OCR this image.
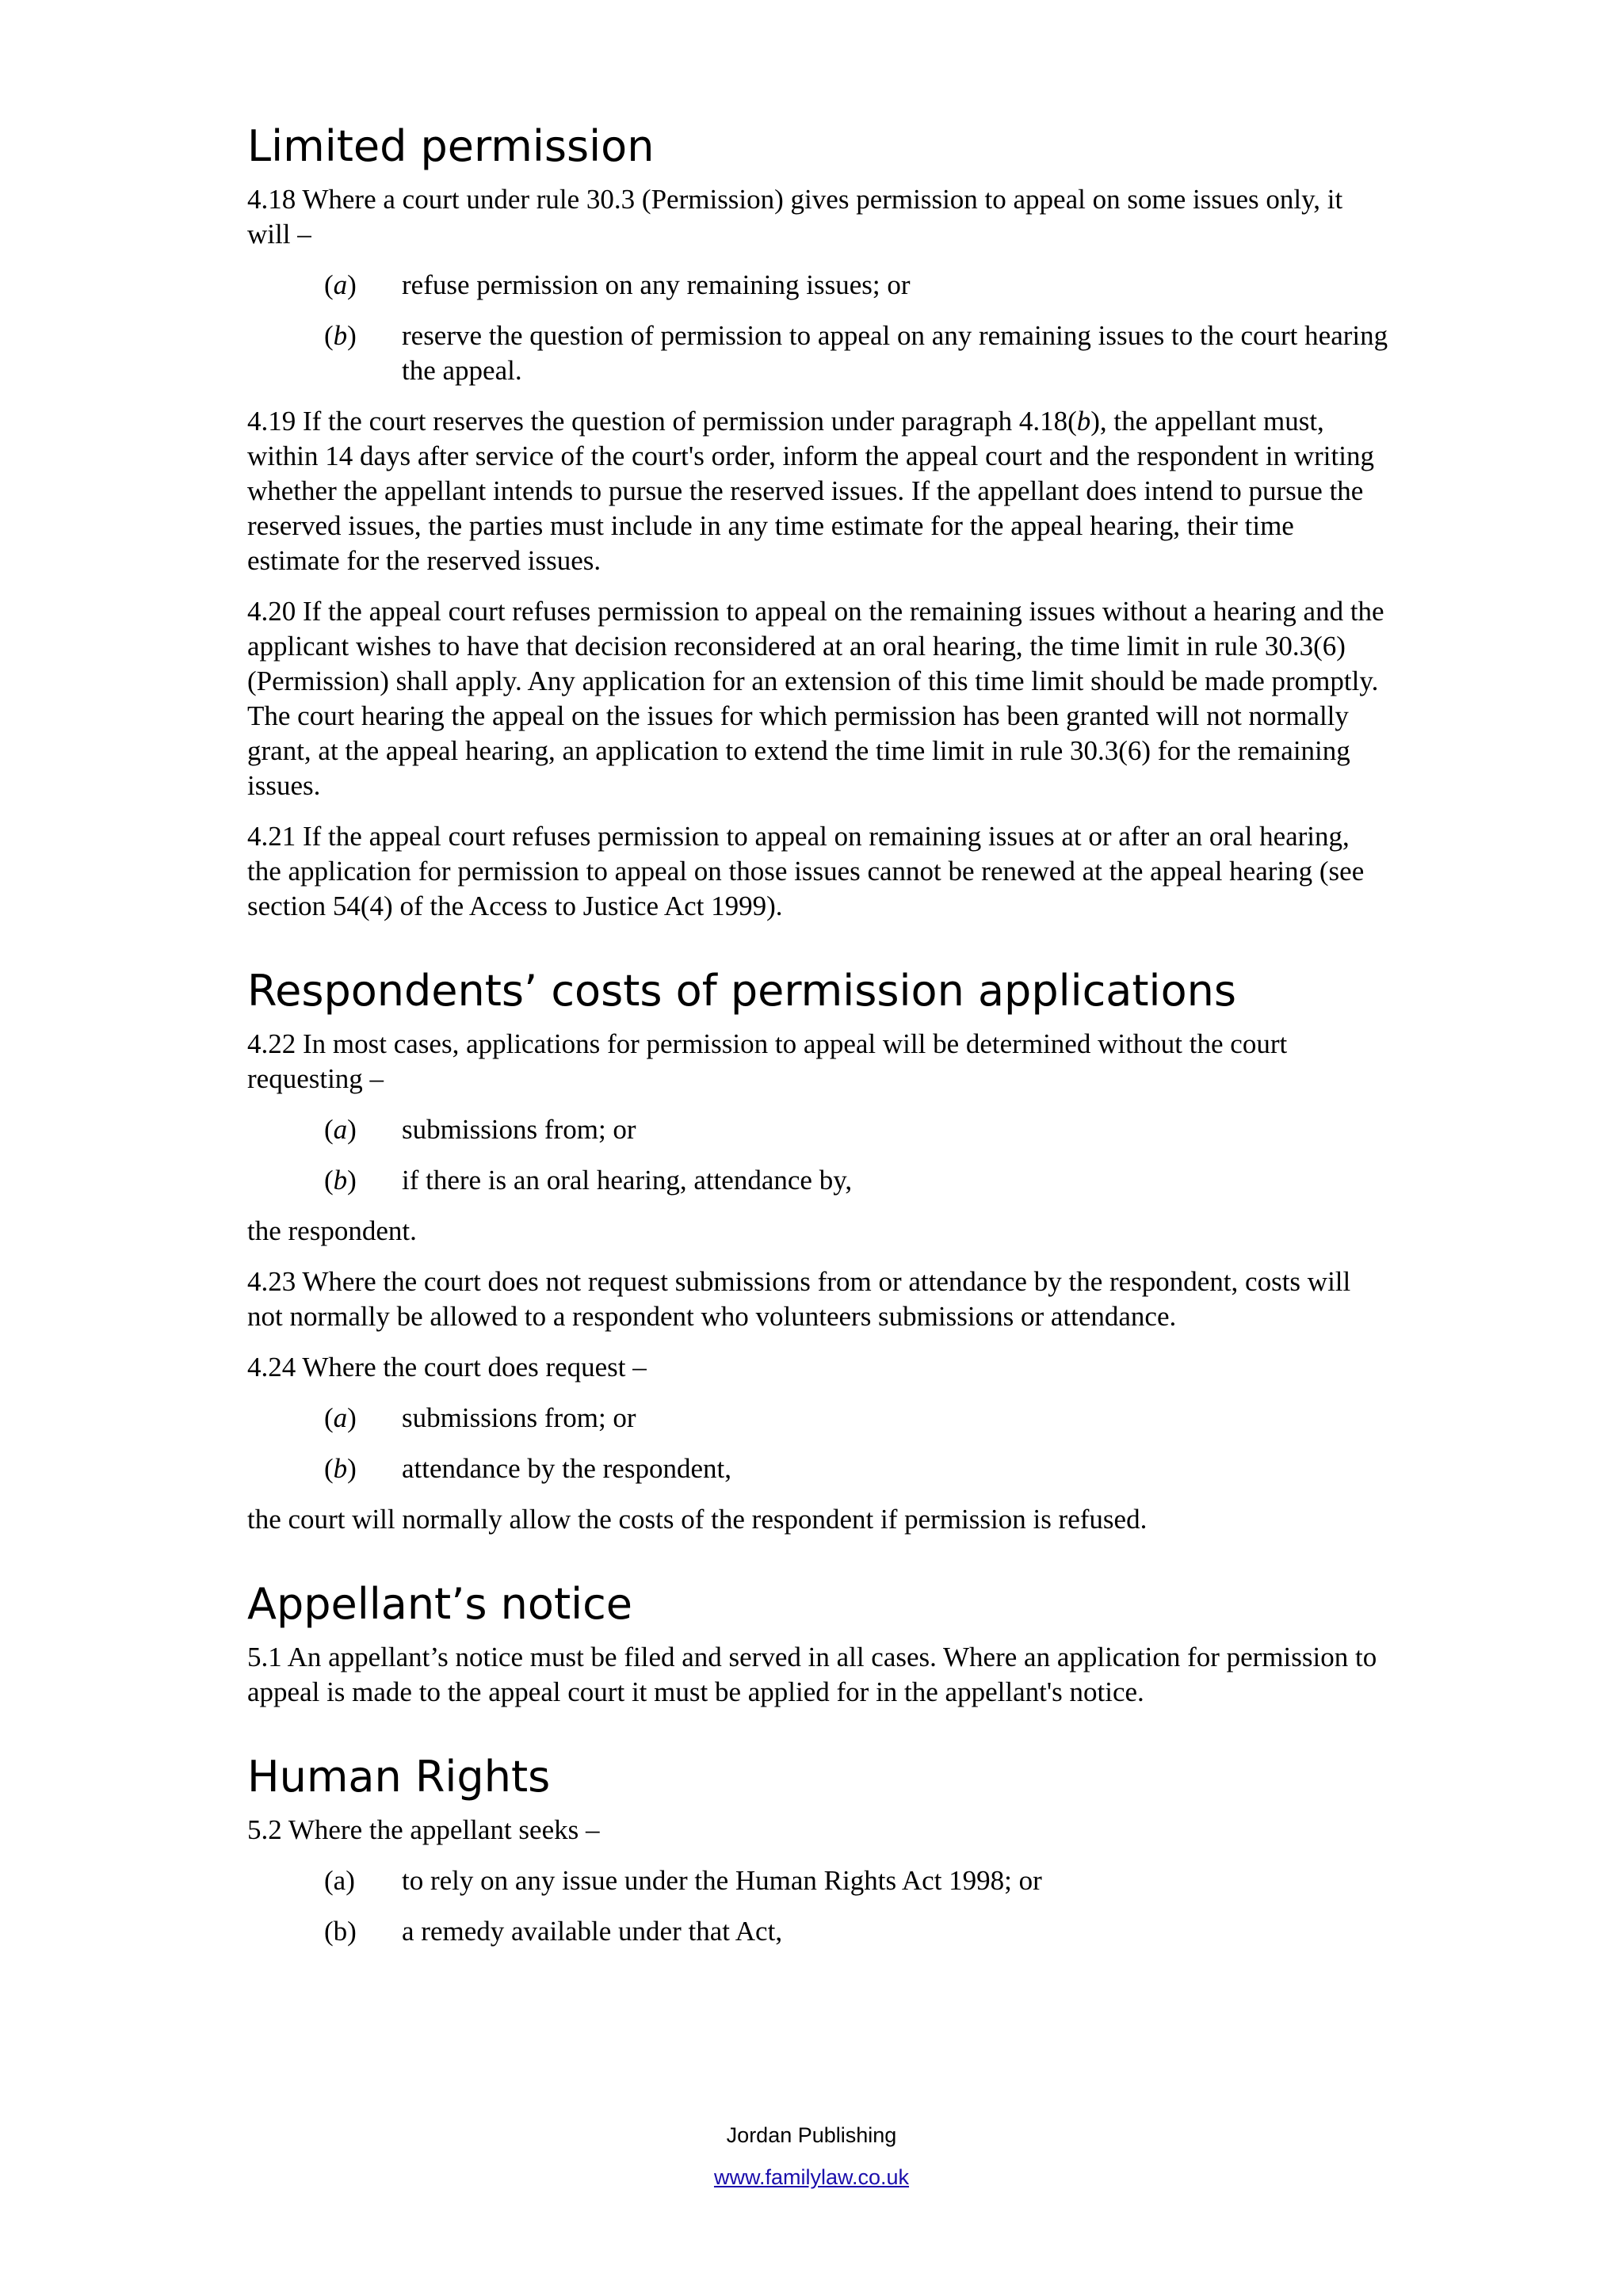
Limited permission

4.18 Where a court under rule 30.3 (Permission) gives permission to appeal on some issues only, it will –

(a)	refuse permission on any remaining issues; or
(b)	reserve the question of permission to appeal on any remaining issues to the court hearing the appeal.

4.19 If the court reserves the question of permission under paragraph 4.18(b), the appellant must, within 14 days after service of the court's order, inform the appeal court and the respondent in writing whether the appellant intends to pursue the reserved issues. If the appellant does intend to pursue the reserved issues, the parties must include in any time estimate for the appeal hearing, their time estimate for the reserved issues.

4.20 If the appeal court refuses permission to appeal on the remaining issues without a hearing and the applicant wishes to have that decision reconsidered at an oral hearing, the time limit in rule 30.3(6) (Permission) shall apply. Any application for an extension of this time limit should be made promptly. The court hearing the appeal on the issues for which permission has been granted will not normally grant, at the appeal hearing, an application to extend the time limit in rule 30.3(6) for the remaining issues.

4.21 If the appeal court refuses permission to appeal on remaining issues at or after an oral hearing, the application for permission to appeal on those issues cannot be renewed at the appeal hearing (see section 54(4) of the Access to Justice Act 1999).

Respondents’ costs of permission applications

4.22 In most cases, applications for permission to appeal will be determined without the court requesting –

(a)	submissions from; or
(b)	if there is an oral hearing, attendance by,

the respondent.

4.23 Where the court does not request submissions from or attendance by the respondent, costs will not normally be allowed to a respondent who volunteers submissions or attendance.

4.24 Where the court does request –

(a)	submissions from; or
(b)	attendance by the respondent,

the court will normally allow the costs of the respondent if permission is refused.

Appellant’s notice

5.1 An appellant’s notice must be filed and served in all cases. Where an application for permission to appeal is made to the appeal court it must be applied for in the appellant's notice.

Human Rights

5.2 Where the appellant seeks –

(a)	to rely on any issue under the Human Rights Act 1998; or
(b)	a remedy available under that Act,
Jordan Publishing
www.familylaw.co.uk
